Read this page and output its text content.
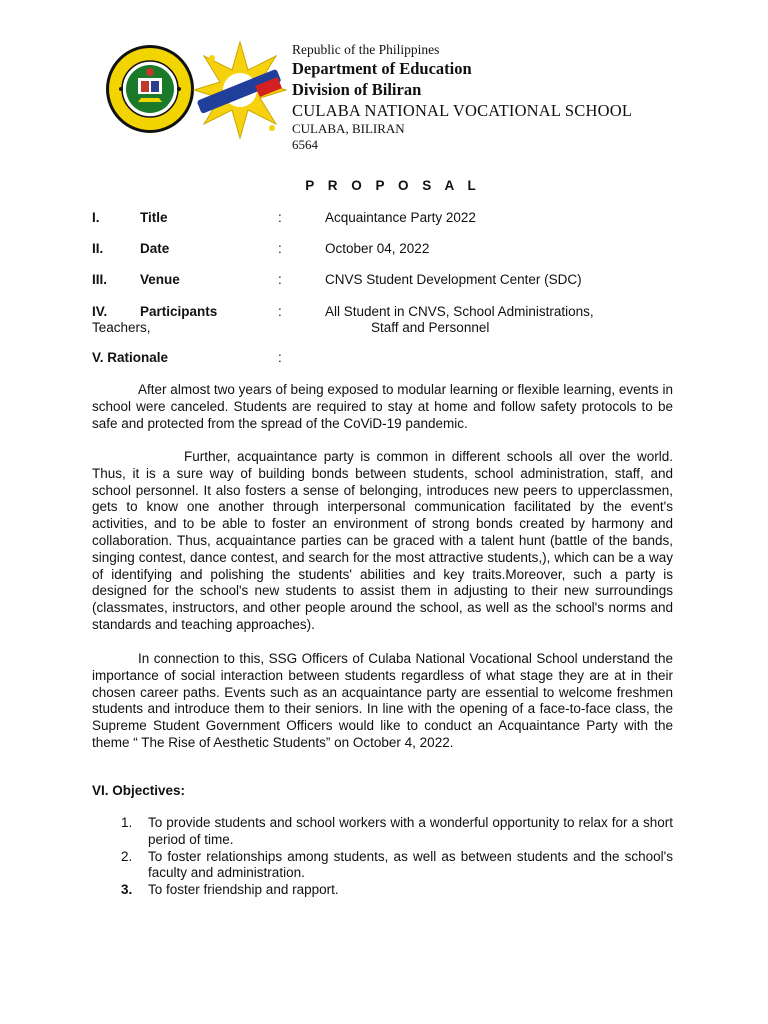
Republic of the Philippines
Department of Education
Division of Biliran
CULABA NATIONAL VOCATIONAL SCHOOL
CULABA, BILIRAN
6564
P R O P O S A L
I.	Title	:	Acquaintance Party 2022
II.	Date	:	October 04, 2022
III. Venue	:	CNVS Student Development Center (SDC)
IV. Participants	:	All Student in CNVS, School Administrations,
Teachers,	Staff and Personnel
V. Rationale	:
After almost two years of being exposed to modular learning or flexible learning, events in school were canceled. Students are required to stay at home and follow safety protocols to be safe and protected from the spread of the CoViD-19 pandemic.
Further, acquaintance party is common in different schools all over the world. Thus, it is a sure way of building bonds between students, school administration, staff, and school personnel. It also fosters a sense of belonging, introduces new peers to upperclassmen, gets to know one another through interpersonal communication facilitated by the event's activities, and to be able to foster an environment of strong bonds created by harmony and collaboration. Thus, acquaintance parties can be graced with a talent hunt (battle of the bands, singing contest, dance contest, and search for the most attractive students,), which can be a way of identifying and polishing the students' abilities and key traits.Moreover, such a party is designed for the school's new students to assist them in adjusting to their new surroundings (classmates, instructors, and other people around the school, as well as the school's norms and standards and teaching approaches).
In connection to this, SSG Officers of Culaba National Vocational School understand the importance of social interaction between students regardless of what stage they are at in their chosen career paths. Events such as an acquaintance party are essential to welcome freshmen students and introduce them to their seniors. In line with the opening of a face-to-face class, the Supreme Student Government Officers would like to conduct an Acquaintance Party with the theme “ The Rise of Aesthetic Students” on October 4, 2022.
VI. Objectives:
1. To provide students and school workers with a wonderful opportunity to relax for a short period of time.
2. To foster relationships among students, as well as between students and the school's faculty and administration.
3. To foster friendship and rapport.
